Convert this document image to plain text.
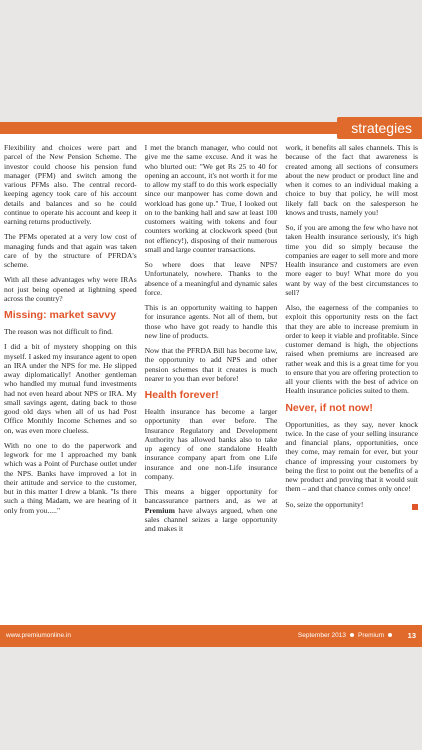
strategies

Flexibility and choices were part and parcel of the New Pension Scheme. The investor could choose his pension fund manager (PFM) and switch among the various PFMs also. The central record-keeping agency took care of his account details and balances and so he could continue to operate his account and keep it earning returns productively.

The PFMs operated at a very low cost of managing funds and that again was taken care of by the structure of PFRDA's scheme.

With all these advantages why were IRAs not just being opened at lightning speed across the country?

Missing: market savvy

The reason was not difficult to find.

I did a bit of mystery shopping on this myself. I asked my insurance agent to open an IRA under the NPS for me. He slipped away diplomatically! Another gentleman who handled my mutual fund investments had not even heard about NPS or IRA. My small savings agent, dating back to those good old days when all of us had Post Office Monthly Income Schemes and so on, was even more clueless.

With no one to do the paperwork and legwork for me I approached my bank which was a Point of Purchase outlet under the NPS. Banks have improved a lot in their attitude and service to the customer, but in this matter I drew a blank. "Is there such a thing Madam, we are hearing of it only from you....."

I met the branch manager, who could not give me the same excuse. And it was he who blurted out: "We get Rs 25 to 40 for opening an account, it's not worth it for me to allow my staff to do this work especially since our manpower has come down and workload has gone up." True, I looked out on to the banking hall and saw at least 100 customers waiting with tokens and four counters working at clockwork speed (but not effiency!), disposing of their numerous small and large counter transactions.

So where does that leave NPS? Unfortunately, nowhere. Thanks to the absence of a meaningful and dynamic sales force.

This is an opportunity waiting to happen for insurance agents. Not all of them, but those who have got ready to handle this new line of products.

Now that the PFRDA Bill has become law, the opportunity to add NPS and other pension schemes that it creates is much nearer to you than ever before!

Health forever!

Health insurance has become a larger opportunity than ever before. The Insurance Regulatory and Development Authority has allowed banks also to take up agency of one standalone Health insurance company apart from one Life insurance and one non-Life insurance company.

This means a bigger opportunity for bancassurance partners and, as we at Premium have always argued, when one sales channel seizes a large opportunity and makes it

work, it benefits all sales channels. This is because of the fact that awareness is created among all sections of consumers about the new product or product line and when it comes to an individual making a choice to buy that policy, he will most likely fall back on the salesperson he knows and trusts, namely you!

So, if you are among the few who have not taken Health insurance seriously, it's high time you did so simply because the companies are eager to sell more and more Health insurance and customers are even more eager to buy! What more do you want by way of the best circumstances to sell?

Also, the eagerness of the companies to exploit this opportunity rests on the fact that they are able to increase premium in order to keep it viable and profitable. Since customer demand is high, the objections raised when premiums are increased are rather weak and this is a great time for you to ensure that you are offering protection to all your clients with the best of advice on Health insurance policies suited to them.

Never, if not now!

Opportunities, as they say, never knock twice. In the case of your selling insurance and financial plans, opportunities, once they come, may remain for ever, but your chance of impressing your customers by being the first to point out the benefits of a new product and proving that it would suit them – and that chance comes only once!

So, seize the opportunity!

www.premiumonline.in	September 2013 Premium	13
